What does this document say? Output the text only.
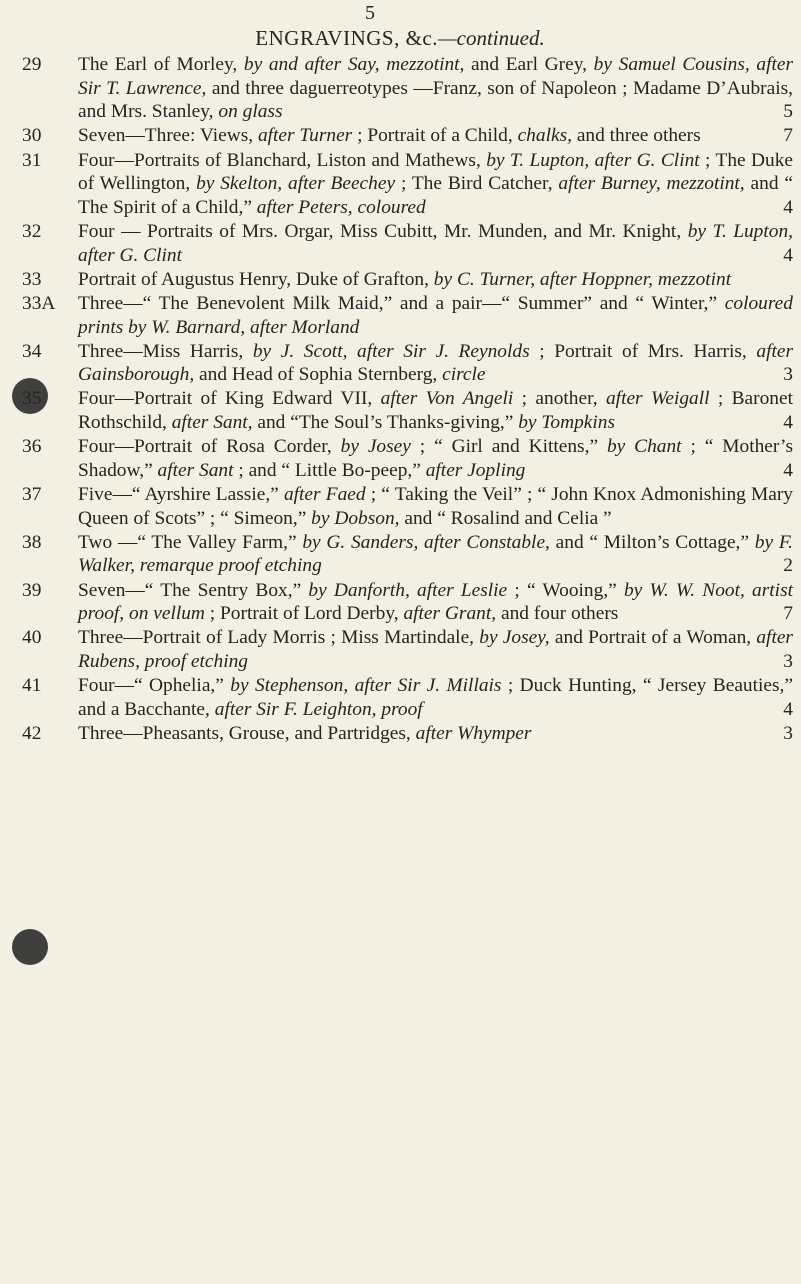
5
ENGRAVINGS, &c.—continued.
29 The Earl of Morley, by and after Say, mezzotint, and Earl Grey, by Samuel Cousins, after Sir T. Lawrence, and three daguerreotypes —Franz, son of Napoleon ; Madame D’Aubrais, and Mrs. Stanley, on glass	5
30 Seven—Three: Views, after Turner ; Portrait of a Child, chalks, and three others	7
31 Four—Portraits of Blanchard, Liston and Mathews, by T. Lupton, after G. Clint ; The Duke of Wellington, by Skelton, after Beechey ; The Bird Catcher, after Burney, mezzotint, and “ The Spirit of a Child,” after Peters, coloured	4
32 Four — Portraits of Mrs. Orgar, Miss Cubitt, Mr. Munden, and Mr. Knight, by T. Lupton, after G. Clint	4
33 Portrait of Augustus Henry, Duke of Grafton, by C. Turner, after Hoppner, mezzotint
33A Three—“ The Benevolent Milk Maid,” and a pair—“ Summer” and “ Winter,” coloured prints by W. Barnard, after Morland
34 Three—Miss Harris, by J. Scott, after Sir J. Reynolds ; Portrait of Mrs. Harris, after Gainsborough, and Head of Sophia Sternberg, circle	3
35 Four—Portrait of King Edward VII, after Von Angeli ; another, after Weigall ; Baronet Rothschild, after Sant, and “The Soul’s Thanks-giving,” by Tompkins	4
36 Four—Portrait of Rosa Corder, by Josey ; “ Girl and Kittens,” by Chant ; “ Mother’s Shadow,” after Sant ; and “ Little Bo-peep,” after Jopling	4
37 Five—“ Ayrshire Lassie,” after Faed ; “ Taking the Veil” ; “ John Knox Admonishing Mary Queen of Scots” ; “ Simeon,” by Dobson, and “ Rosalind and Celia ”
38 Two —“ The Valley Farm,” by G. Sanders, after Constable, and “ Milton’s Cottage,” by F. Walker, remarque proof etching	2
39 Seven—“ The Sentry Box,” by Danforth, after Leslie ; “ Wooing,” by W. W. Noot, artist proof, on vellum ; Portrait of Lord Derby, after Grant, and four others	7
40 Three—Portrait of Lady Morris ; Miss Martindale, by Josey, and Portrait of a Woman, after Rubens, proof etching	3
41 Four—“ Ophelia,” by Stephenson, after Sir J. Millais ; Duck Hunting, “ Jersey Beauties,” and a Bacchante, after Sir F. Leighton, proof	4
42 Three—Pheasants, Grouse, and Partridges, after Whymper	3
